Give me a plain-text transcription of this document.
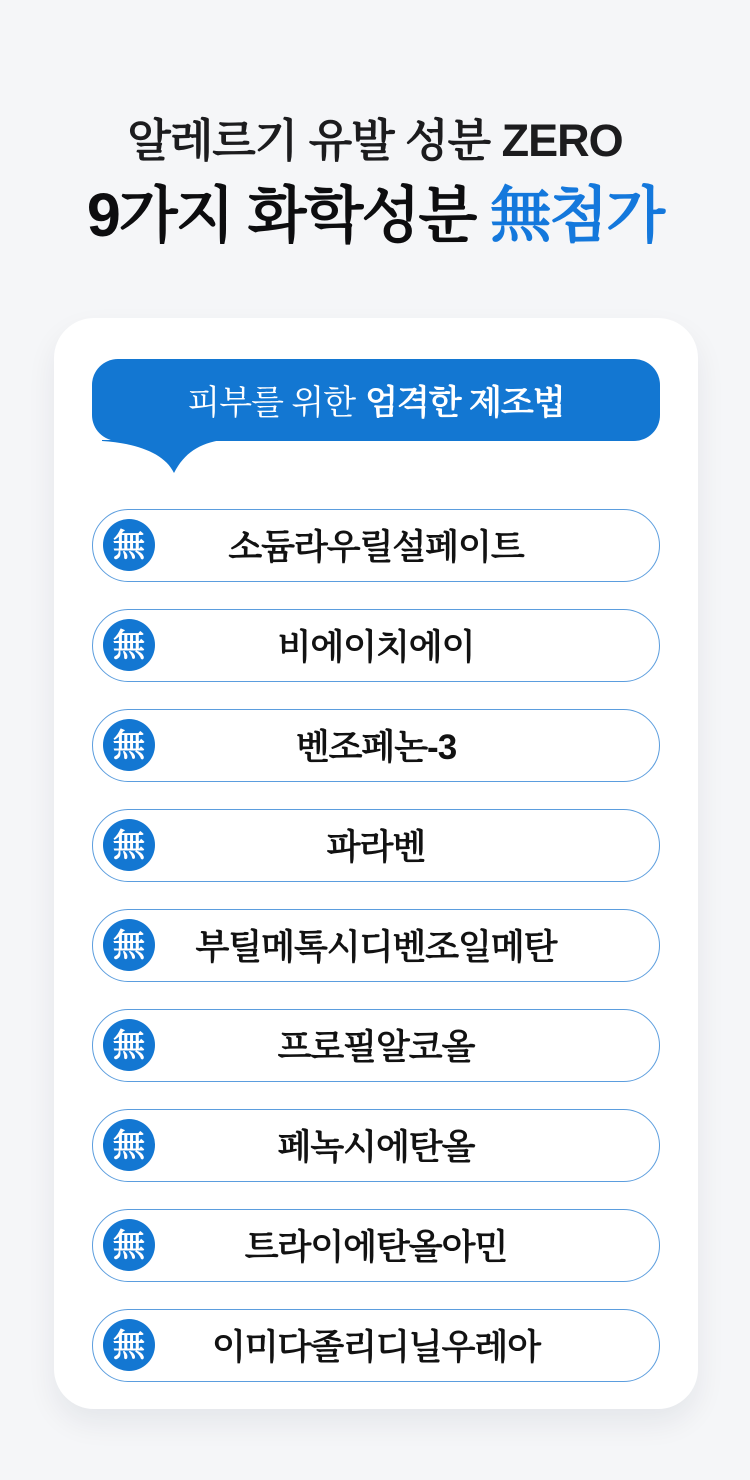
알레르기 유발 성분 ZERO
9가지 화학성분 無첨가
피부를 위한 엄격한 제조법
無 소듐라우릴설페이트
無	비에이치에이
無	벤조페논-3
無	파라벤
無 부틸메톡시디벤조일메탄
無	프로필알코올
無	페녹시에탄올
無	트라이에탄올아민
無 이미다졸리디닐우레아
